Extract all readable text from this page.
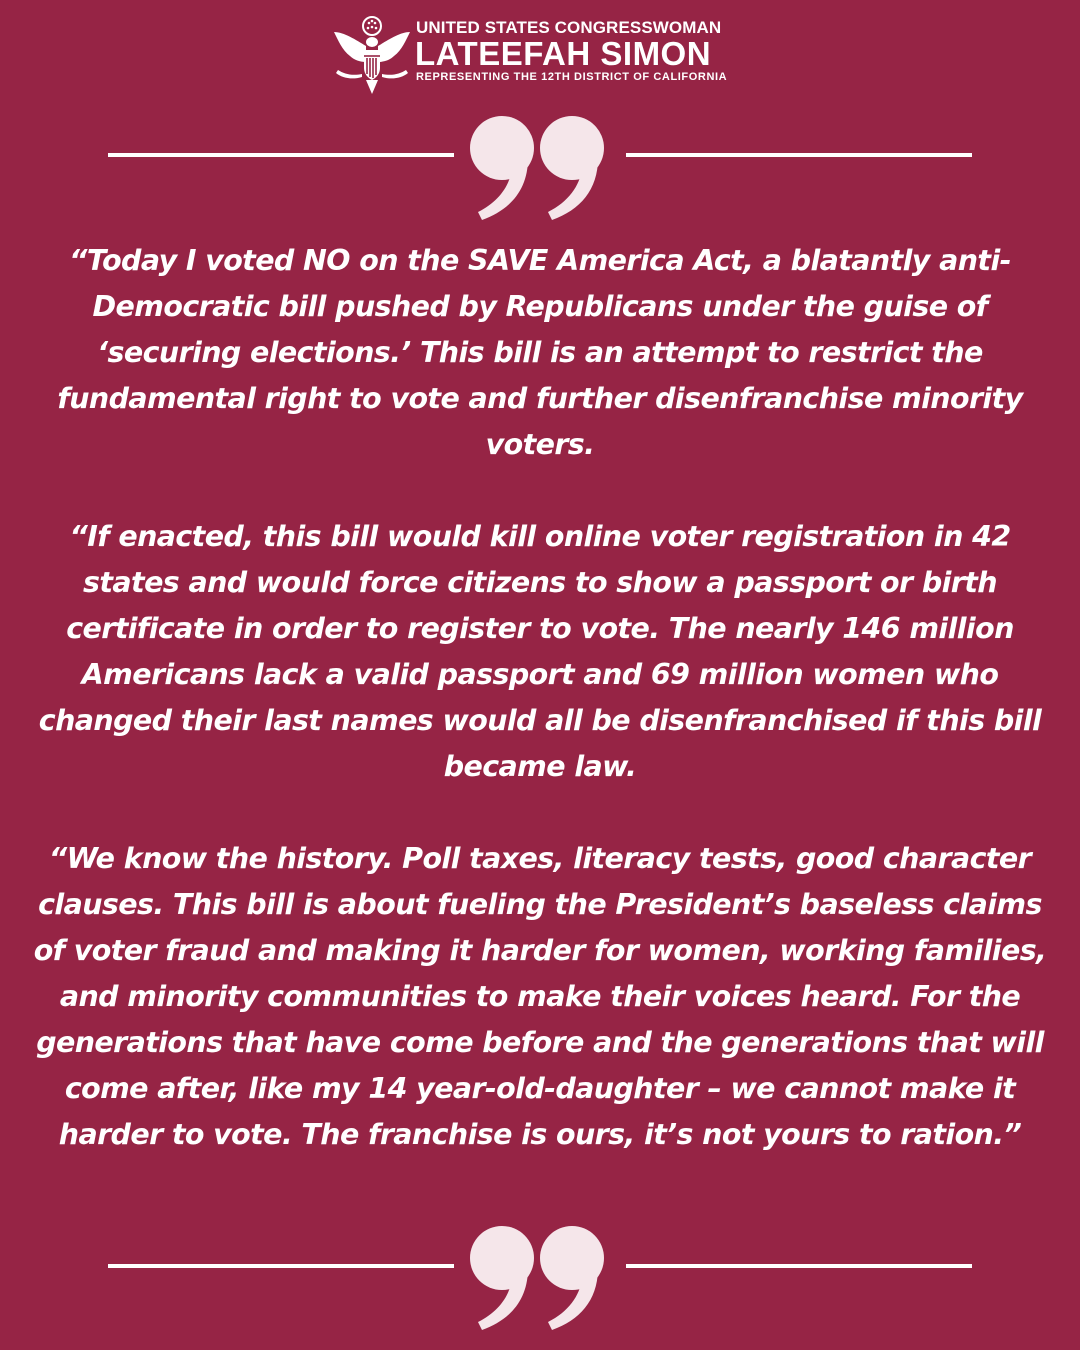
UNITED STATES CONGRESSWOMAN
LATEEFAH SIMON
REPRESENTING THE 12TH DISTRICT OF CALIFORNIA

“Today I voted NO on the SAVE America Act, a blatantly anti-Democratic bill pushed by Republicans under the guise of ‘securing elections.’ This bill is an attempt to restrict the fundamental right to vote and further disenfranchise minority voters.

“If enacted, this bill would kill online voter registration in 42 states and would force citizens to show a passport or birth certificate in order to register to vote. The nearly 146 million Americans lack a valid passport and 69 million women who changed their last names would all be disenfranchised if this bill became law.

“We know the history. Poll taxes, literacy tests, good character clauses. This bill is about fueling the President’s baseless claims of voter fraud and making it harder for women, working families, and minority communities to make their voices heard. For the generations that have come before and the generations that will come after, like my 14 year-old-daughter – we cannot make it harder to vote. The franchise is ours, it’s not yours to ration.”
